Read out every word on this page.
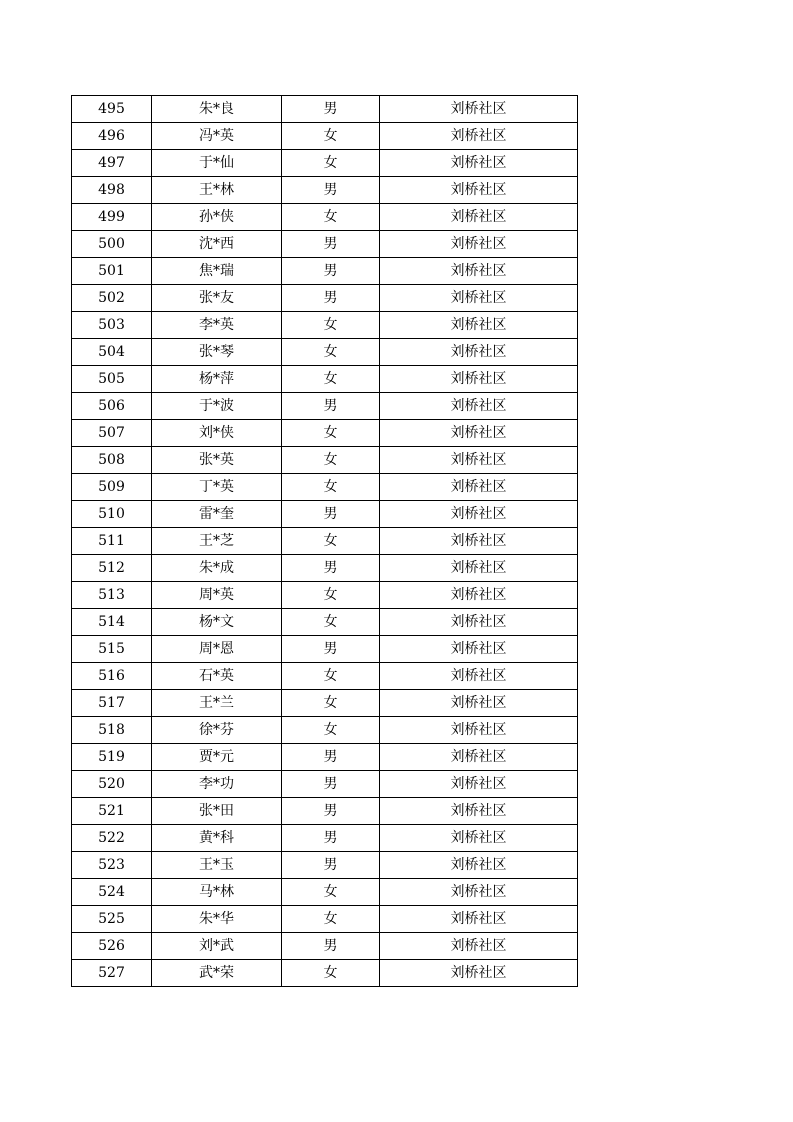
495	朱*良	男	刘桥社区
496	冯*英	女	刘桥社区
497	于*仙	女	刘桥社区
498	王*林	男	刘桥社区
499	孙*侠	女	刘桥社区
500	沈*西	男	刘桥社区
501	焦*瑞	男	刘桥社区
502	张*友	男	刘桥社区
503	李*英	女	刘桥社区
504	张*琴	女	刘桥社区
505	杨*萍	女	刘桥社区
506	于*波	男	刘桥社区
507	刘*侠	女	刘桥社区
508	张*英	女	刘桥社区
509	丁*英	女	刘桥社区
510	雷*奎	男	刘桥社区
511	王*芝	女	刘桥社区
512	朱*成	男	刘桥社区
513	周*英	女	刘桥社区
514	杨*文	女	刘桥社区
515	周*恩	男	刘桥社区
516	石*英	女	刘桥社区
517	王*兰	女	刘桥社区
518	徐*芬	女	刘桥社区
519	贾*元	男	刘桥社区
520	李*功	男	刘桥社区
521	张*田	男	刘桥社区
522	黄*科	男	刘桥社区
523	王*玉	男	刘桥社区
524	马*林	女	刘桥社区
525	朱*华	女	刘桥社区
526	刘*武	男	刘桥社区
527	武*荣	女	刘桥社区
